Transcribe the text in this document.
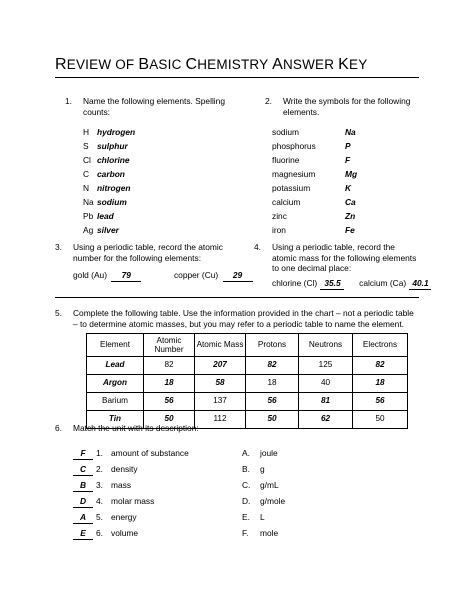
REVIEW OF BASIC CHEMISTRY ANSWER KEY
1. Name the following elements. Spelling counts:
H hydrogen
S sulphur
Cl chlorine
C carbon
N nitrogen
Na sodium
Pb lead
Ag silver
2. Write the symbols for the following elements.
sodium	Na
phosphorus	P
fluorine	F
magnesium	Mg
potassium	K
calcium	Ca
zinc	Zn
iron	Fe
3. Using a periodic table, record the atomic number for the following elements:
gold (Au) 79	copper (Cu) 29
4. Using a periodic table, record the atomic mass for the following elements to one decimal place:
chlorine (Cl) 35.5 calcium (Ca) 40.1
5. Complete the following table. Use the information provided in the chart – not a periodic table – to determine atomic masses, but you may refer to a periodic table to name the element.
Element	Atomic Number	Atomic Mass	Protons	Neutrons	Electrons
Lead	82	207	82	125	82
Argon	18	58	18	40	18
Barium	56	137	56	81	56
Tin	50	112	50	62	50
6. Match the unit with its description:
F	1. amount of substance
C	2. density
B	3. mass
D	4. molar mass
A	5. energy
E	6. volume
A. joule
B. g
C. g/mL
D. g/mole
E. L
F. mole
